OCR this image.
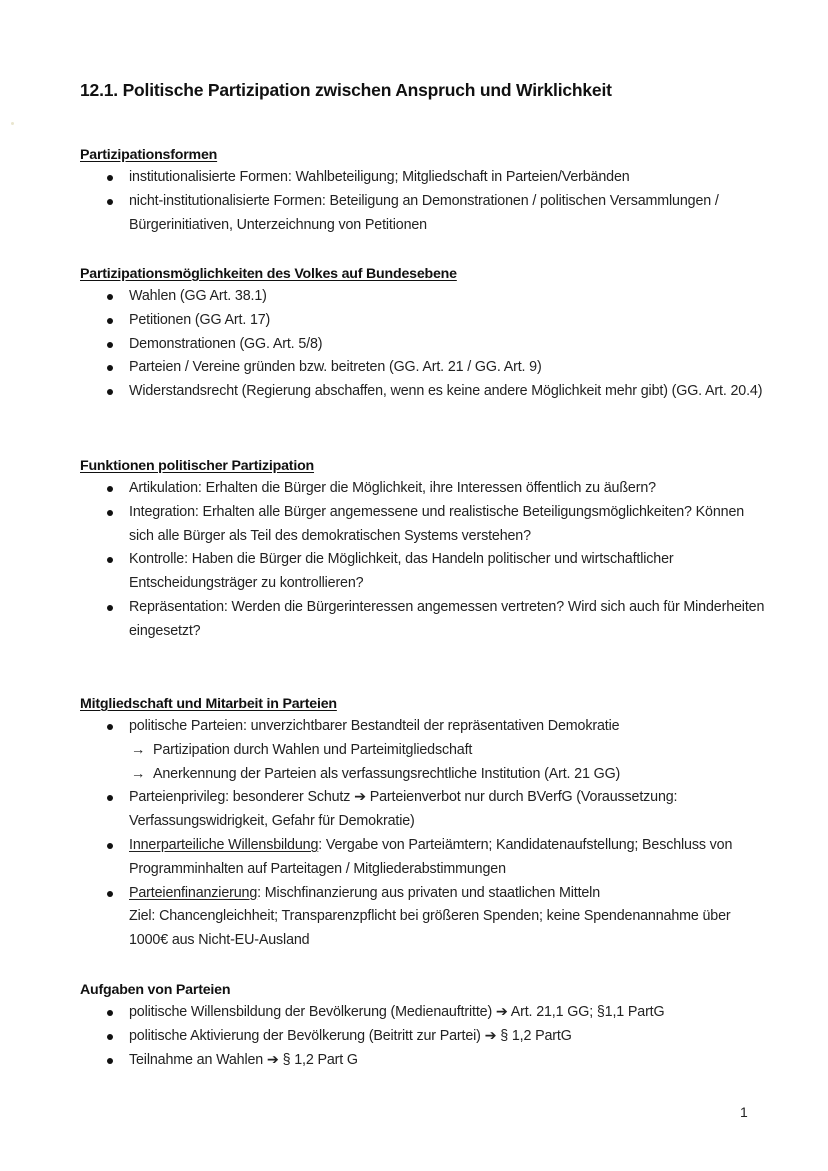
12.1. Politische Partizipation zwischen Anspruch und Wirklichkeit
Partizipationsformen
institutionalisierte Formen: Wahlbeteiligung; Mitgliedschaft in Parteien/Verbänden
nicht-institutionalisierte Formen: Beteiligung an Demonstrationen / politischen Versammlungen / Bürgerinitiativen, Unterzeichnung von Petitionen
Partizipationsmöglichkeiten des Volkes auf Bundesebene
Wahlen (GG Art. 38.1)
Petitionen (GG Art. 17)
Demonstrationen (GG. Art. 5/8)
Parteien / Vereine gründen bzw. beitreten (GG. Art. 21 / GG. Art. 9)
Widerstandsrecht (Regierung abschaffen, wenn es keine andere Möglichkeit mehr gibt) (GG. Art. 20.4)
Funktionen politischer Partizipation
Artikulation: Erhalten die Bürger die Möglichkeit, ihre Interessen öffentlich zu äußern?
Integration: Erhalten alle Bürger angemessene und realistische Beteiligungsmöglichkeiten? Können sich alle Bürger als Teil des demokratischen Systems verstehen?
Kontrolle: Haben die Bürger die Möglichkeit, das Handeln politischer und wirtschaftlicher Entscheidungsträger zu kontrollieren?
Repräsentation: Werden die Bürgerinteressen angemessen vertreten? Wird sich auch für Minderheiten eingesetzt?
Mitgliedschaft und Mitarbeit in Parteien
politische Parteien: unverzichtbarer Bestandteil der repräsentativen Demokratie
→ Partizipation durch Wahlen und Parteimitgliedschaft
→ Anerkennung der Parteien als verfassungsrechtliche Institution (Art. 21 GG)
Parteienprivileg: besonderer Schutz ➔ Parteienverbot nur durch BVerfG (Voraussetzung: Verfassungswidrigkeit, Gefahr für Demokratie)
Innerparteiliche Willensbildung: Vergabe von Parteiämtern; Kandidatenaufstellung; Beschluss von Programminhalten auf Parteitagen / Mitgliederabstimmungen
Parteienfinanzierung: Mischfinanzierung aus privaten und staatlichen Mitteln
Ziel: Chancengleichheit; Transparenzpflicht bei größeren Spenden; keine Spendenannahme über 1000€ aus Nicht-EU-Ausland
Aufgaben von Parteien
politische Willensbildung der Bevölkerung (Medienauftritte) ➔ Art. 21,1 GG; §1,1 PartG
politische Aktivierung der Bevölkerung (Beitritt zur Partei) ➔ § 1,2 PartG
Teilnahme an Wahlen ➔ § 1,2 Part G
1
